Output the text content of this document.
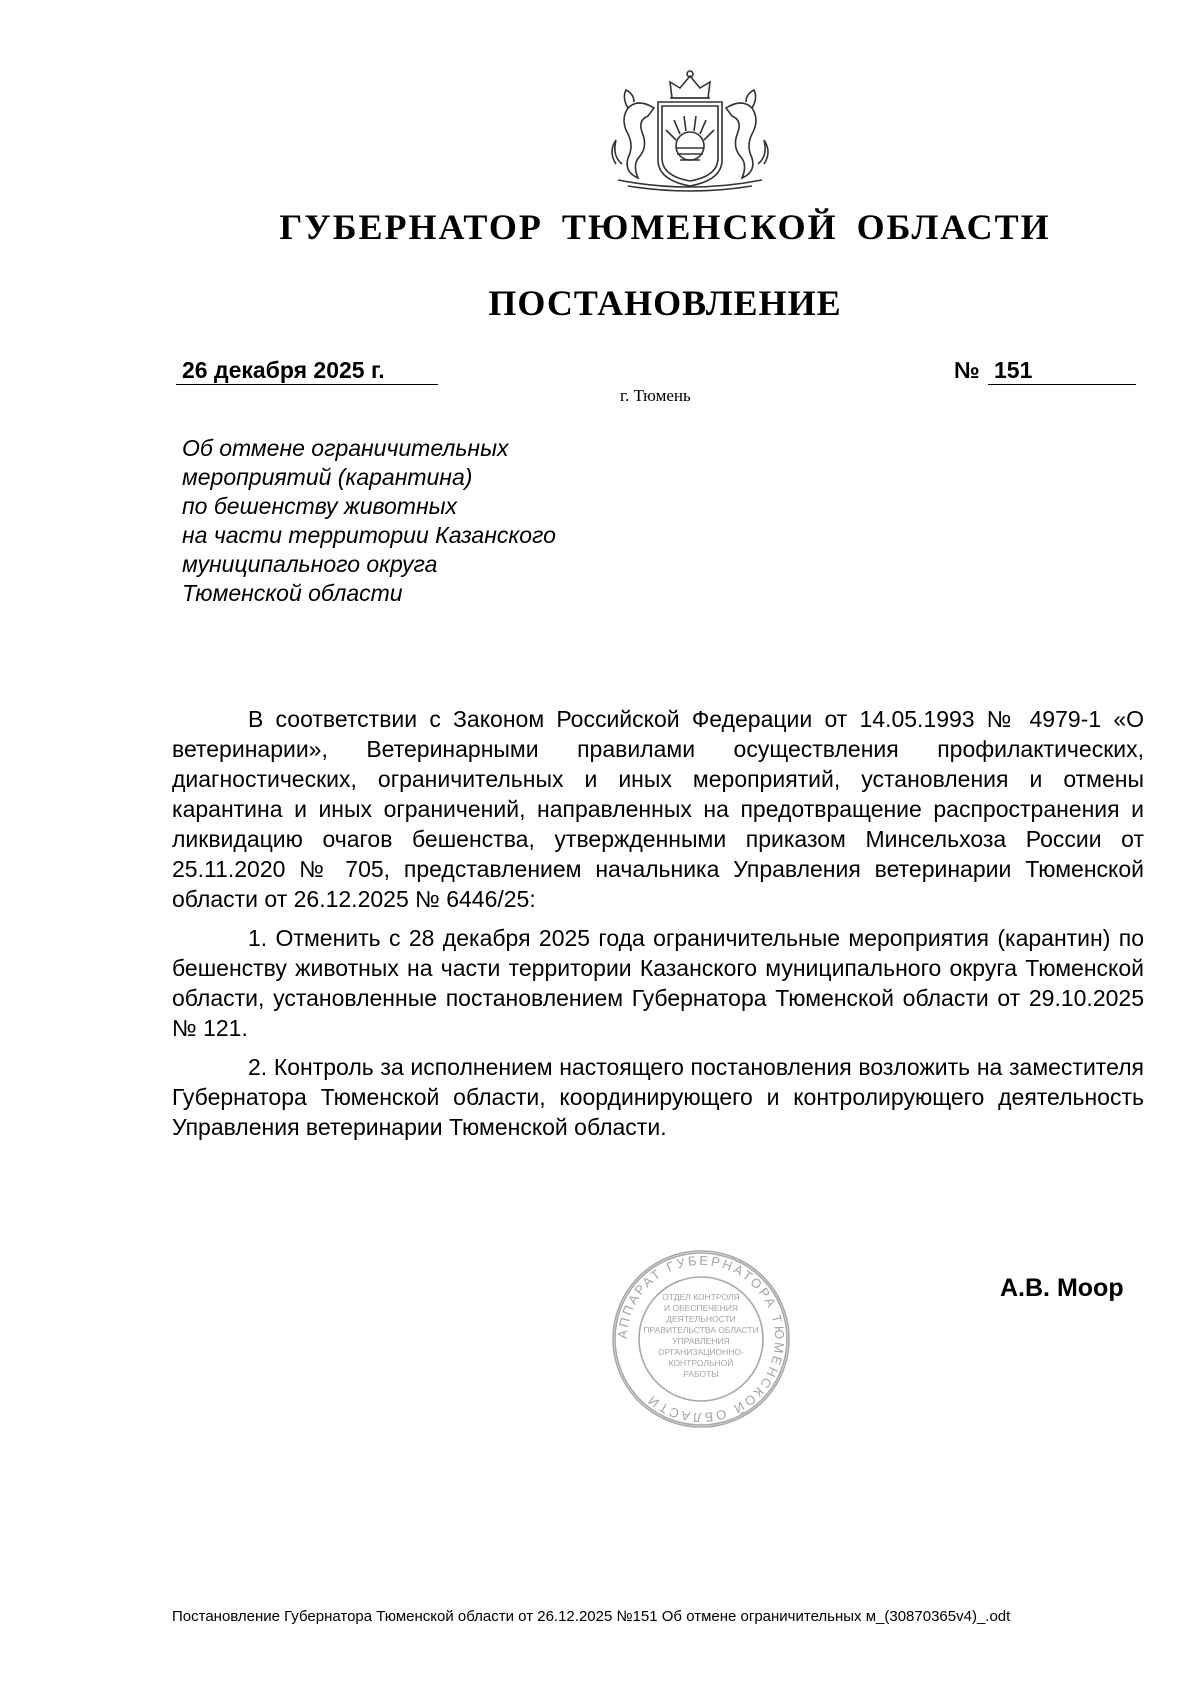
ГУБЕРНАТОР ТЮМЕНСКОЙ ОБЛАСТИ
ПОСТАНОВЛЕНИЕ
26 декабря 2025 г.	№ 151
г. Тюмень
Об отмене ограничительных
мероприятий (карантина)
по бешенству животных
на части территории Казанского
муниципального округа
Тюменской области

В соответствии с Законом Российской Федерации от 14.05.1993 № 4979-1 «О ветеринарии», Ветеринарными правилами осуществления профилактических, диагностических, ограничительных и иных мероприятий, установления и отмены карантина и иных ограничений, направленных на предотвращение распространения и ликвидацию очагов бешенства, утвержденными приказом Минсельхоза России от 25.11.2020 № 705, представлением начальника Управления ветеринарии Тюменской области от 26.12.2025 № 6446/25:

1. Отменить с 28 декабря 2025 года ограничительные мероприятия (карантин) по бешенству животных на части территории Казанского муниципального округа Тюменской области, установленные постановлением Губернатора Тюменской области от 29.10.2025 № 121.

2. Контроль за исполнением настоящего постановления возложить на заместителя Губернатора Тюменской области, координирующего и контролирующего деятельность Управления ветеринарии Тюменской области.

АППАРАТ ГУБЕРНАТОРА ТЮМЕНСКОЙ ОБЛАСТИ
ОТДЕЛ КОНТРОЛЯ
И ОБЕСПЕЧЕНИЯ
ДЕЯТЕЛЬНОСТИ
ПРАВИТЕЛЬСТВА ОБЛАСТИ
УПРАВЛЕНИЯ
ОРГАНИЗАЦИОННО-
КОНТРОЛЬНОЙ
РАБОТЫ
А.В. Моор
Постановление Губернатора Тюменской области от 26.12.2025 №151 Об отмене ограничительных м_(30870365v4)_.odt
